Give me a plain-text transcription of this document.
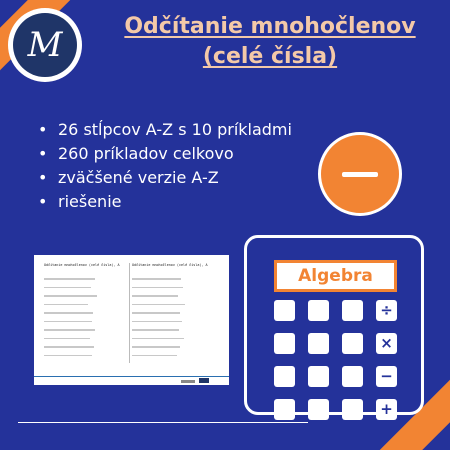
M	Odčítanie mnohočlenov
(celé čísla)
• 26 stĺpcov A-Z s 10 príkladmi
• 260 príkladov celkovo
• zväčšené verzie A-Z
• riešenie
Odčítanie mnohočlenov (celé čísla), A	Odčítanie mnohočlenov (celé čísla), A
Algebra
÷
×
−
+
